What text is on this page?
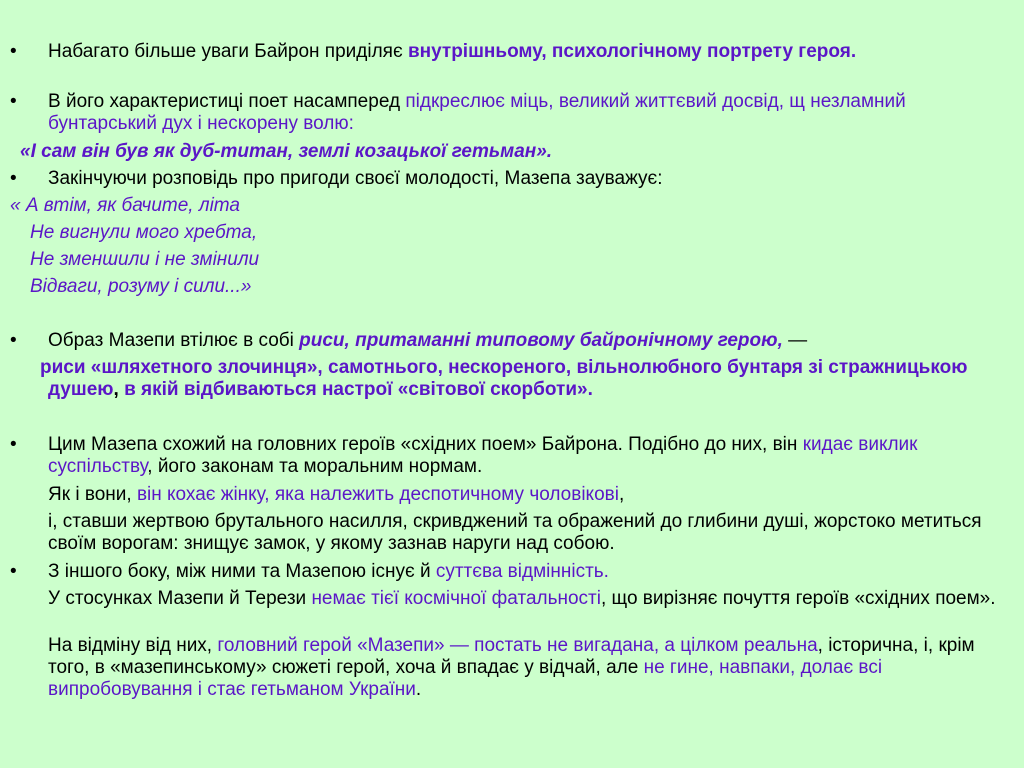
• Набагато більше уваги Байрон приділяє внутрішньому, психологічному портрету героя.
• В його характеристиці поет насамперед підкреслює міць, великий життєвий досвід, щ незламний бунтарський дух і нескорену волю:
«І сам він був як дуб-титан, землі козацької гетьман».
• Закінчуючи розповідь про пригоди своєї молодості, Мазепа зауважує:
« А втім, як бачите, літа
Не вигнули мого хребта,
Не зменшили і не змінили
Відваги, розуму і сили...»
• Образ Мазепи втілює в собі риси, притаманні типовому байронічному герою, —
риси «шляхетного злочинця», самотнього, нескореного, вільнолюбного бунтаря зі стражницькою душею, в якій відбиваються настрої «світової скорботи».
• Цим Мазепа схожий на головних героїв «східних поем» Байрона. Подібно до них, він кидає виклик суспільству, його законам та моральним нормам.
Як і вони, він кохає жінку, яка належить деспотичному чоловікові,
і, ставши жертвою брутального насилля, скривджений та ображений до глибини душі, жорстоко метиться своїм ворогам: знищує замок, у якому зазнав наруги над собою.
• З іншого боку, між ними та Мазепою існує й суттєва відмінність.
У стосунках Мазепи й Терези немає тієї космічної фатальності, що вирізняє почуття героїв «східних поем».
На відміну від них, головний герой «Мазепи» — постать не вигадана, а цілком реальна, історична, і, крім того, в «мазепинському» сюжеті герой, хоча й впадає у відчай, але не гине, навпаки, долає всі випробовування і стає гетьманом України.
